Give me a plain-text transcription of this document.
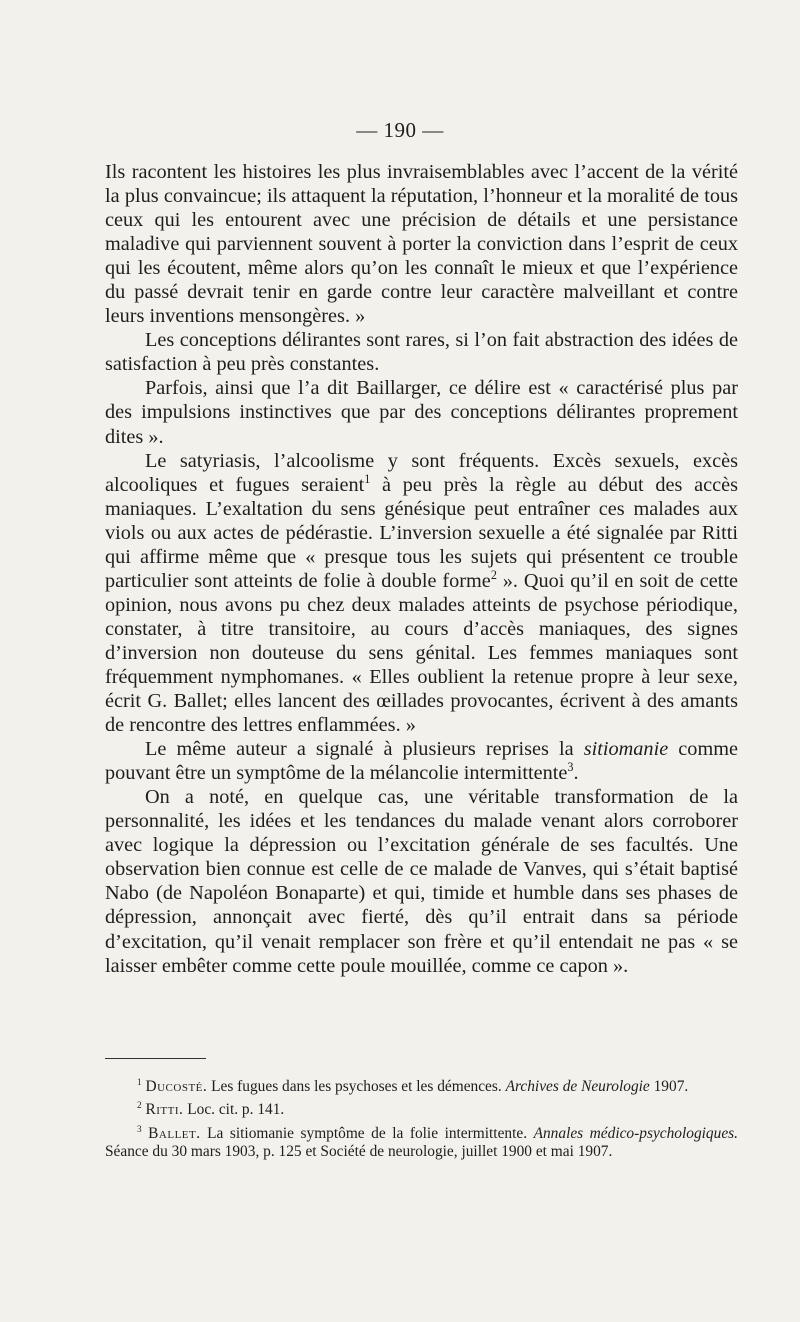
— 190 —

Ils racontent les histoires les plus invraisemblables avec l’accent de la vérité la plus convaincue; ils attaquent la réputation, l’honneur et la moralité de tous ceux qui les entourent avec une précision de détails et une persistance maladive qui parviennent souvent à porter la conviction dans l’esprit de ceux qui les écoutent, même alors qu’on les connaît le mieux et que l’expérience du passé devrait tenir en garde contre leur caractère malveillant et contre leurs inventions mensongères. »

Les conceptions délirantes sont rares, si l’on fait abstraction des idées de satisfaction à peu près constantes.

Parfois, ainsi que l’a dit Baillarger, ce délire est « caractérisé plus par des impulsions instinctives que par des conceptions délirantes proprement dites ».

Le satyriasis, l’alcoolisme y sont fréquents. Excès sexuels, excès alcooliques et fugues seraient$^1$ à peu près la règle au début des accès maniaques. L’exaltation du sens génésique peut entraîner ces malades aux viols ou aux actes de pédérastie. L’inversion sexuelle a été signalée par Ritti qui affirme même que « presque tous les sujets qui présentent ce trouble particulier sont atteints de folie à double forme$^2$ ». Quoi qu’il en soit de cette opinion, nous avons pu chez deux malades atteints de psychose périodique, constater, à titre transitoire, au cours d’accès maniaques, des signes d’inversion non douteuse du sens génital. Les femmes maniaques sont fréquemment nymphomanes. « Elles oublient la retenue propre à leur sexe, écrit G. Ballet; elles lancent des œillades provocantes, écrivent à des amants de rencontre des lettres enflammées. »

Le même auteur a signalé à plusieurs reprises la sitiomanie comme pouvant être un symptôme de la mélancolie intermittente$^3$.

On a noté, en quelque cas, une véritable transformation de la personnalité, les idées et les tendances du malade venant alors corroborer avec logique la dépression ou l’excitation générale de ses facultés. Une observation bien connue est celle de ce malade de Vanves, qui s’était baptisé Nabo (de Napoléon Bonaparte) et qui, timide et humble dans ses phases de dépression, annonçait avec fierté, dès qu’il entrait dans sa période d’excitation, qu’il venait remplacer son frère et qu’il entendait ne pas « se laisser embêter comme cette poule mouillée, comme ce capon ».

$^1$ Ducosté. Les fugues dans les psychoses et les démences. Archives de Neurologie 1907.

$^2$ Ritti. Loc. cit. p. 141.

$^3$ Ballet. La sitiomanie symptôme de la folie intermittente. Annales médico-psychologiques. Séance du 30 mars 1903, p. 125 et Société de neurologie, juillet 1900 et mai 1907.
